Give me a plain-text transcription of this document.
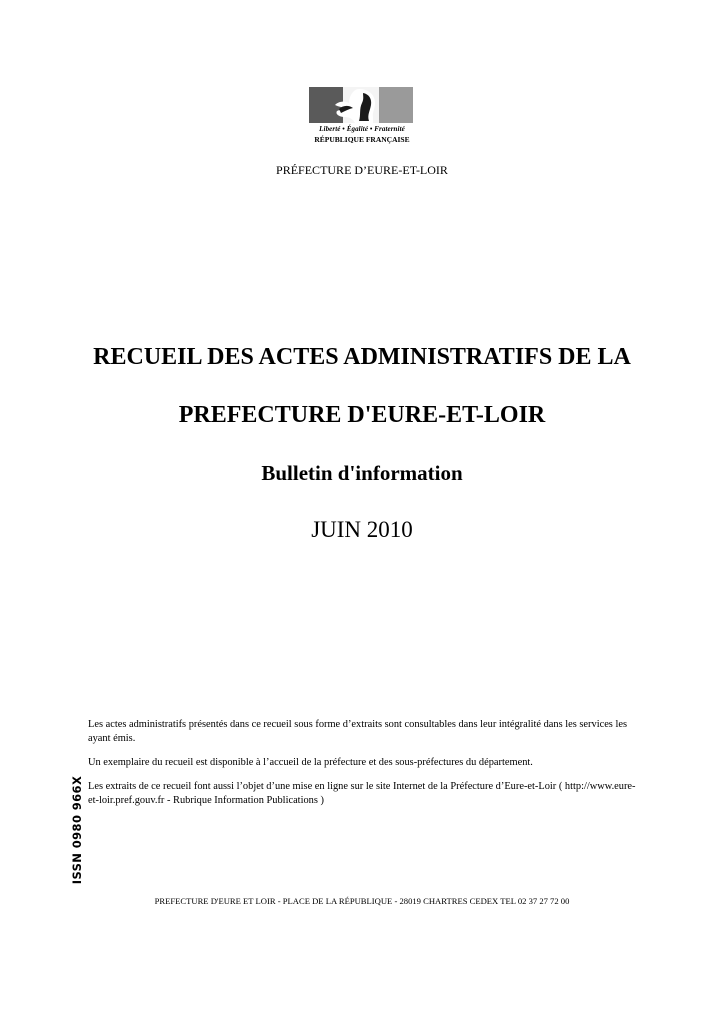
Liberté • Égalité • Fraternité
RÉPUBLIQUE FRANÇAISE
PRÉFECTURE D’EURE-ET-LOIR
RECUEIL DES ACTES ADMINISTRATIFS DE LA
PREFECTURE D'EURE-ET-LOIR
Bulletin d'information
JUIN 2010

Les actes administratifs présentés dans ce recueil sous forme d’extraits sont consultables dans leur intégralité dans les services les ayant émis.

Un exemplaire du recueil est disponible à l’accueil de la préfecture et des sous-préfectures du département.

Les extraits de ce recueil font aussi l’objet d’une mise en ligne sur le site Internet de la Préfecture d’Eure-et-Loir ( http://www.eure-et-loir.pref.gouv.fr - Rubrique Information Publications )

ISSN 0980 966X
PREFECTURE D'EURE ET LOIR - PLACE DE LA RÉPUBLIQUE - 28019 CHARTRES CEDEX TEL 02 37 27 72 00
